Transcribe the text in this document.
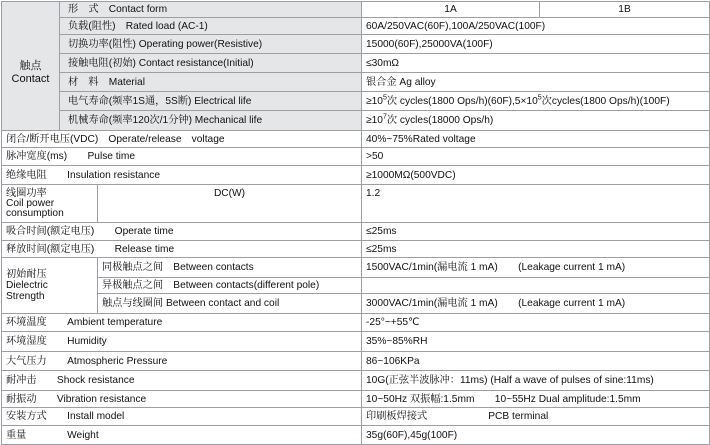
触点
Contact	形　式　Contact form		1A	1B
	负载(阻性)　Rated load (AC-1)		60A/250VAC(60F),100A/250VAC(100F)	
	切换功率(阻性) Operating power(Resistive)		15000(60F),25000VA(100F)	
	接触电阻(初始) Contact resistance(Initial)		≤30mΩ	
	材　料　Material		银合金 Ag alloy	
	电气寿命(频率1S通，5S断) Electrical life		$\ge 10^5$次 cycles(1800 Ops/$h)(60F),5\times 10^5$次cycles(1800 Ops/h)(100F)	
	机械寿命(频率120次/1分钟) Mechanical life		$\ge 10^7$次 cycles(18000 Ops/h)	
闭合/断开电压(VDC)　Operate/release　voltage			40%~75%Rated voltage	
脉冲宽度(ms)　　Pulse time			>50	
绝缘电阻　　Insulation resistance			≥1000MΩ(500VDC)	
线圈功率
Coil power
consumption		DC(W)	1.2	
吸合时间(额定电压)　　Operate time			≤25ms	
释放时间(额定电压)　　Release time			≤25ms	
初始耐压
Dielectric
Strength		同极触点之间　Between contacts	1500VAC/1min(漏电流 1 mA)　　(Leakage current 1 mA)	
		异极触点之间　Between contacts(different pole)		
		触点与线圈间 Between contact and coil	3000VAC/1min(漏电流 1 mA)　　(Leakage current 1 mA)	
环境温度　　Ambient temperature			-25°~+55℃	
环境湿度　　Humidity			35%~85%RH	
大气压力　　Atmospheric Pressure			86~106KPa	
耐冲击　　Shock resistance			10G(正弦半波脉冲：11ms) (Half a wave of pulses of sine:11ms)	
耐振动　　Vibration resistance			10~50Hz 双振幅:1.5mm　　10~55Hz Dual amplitude:1.5mm	
安装方式　　Install model			印刷板焊接式　　　　　　PCB terminal	
重量　　　　Weight			35g(60F),45g(100F)	
